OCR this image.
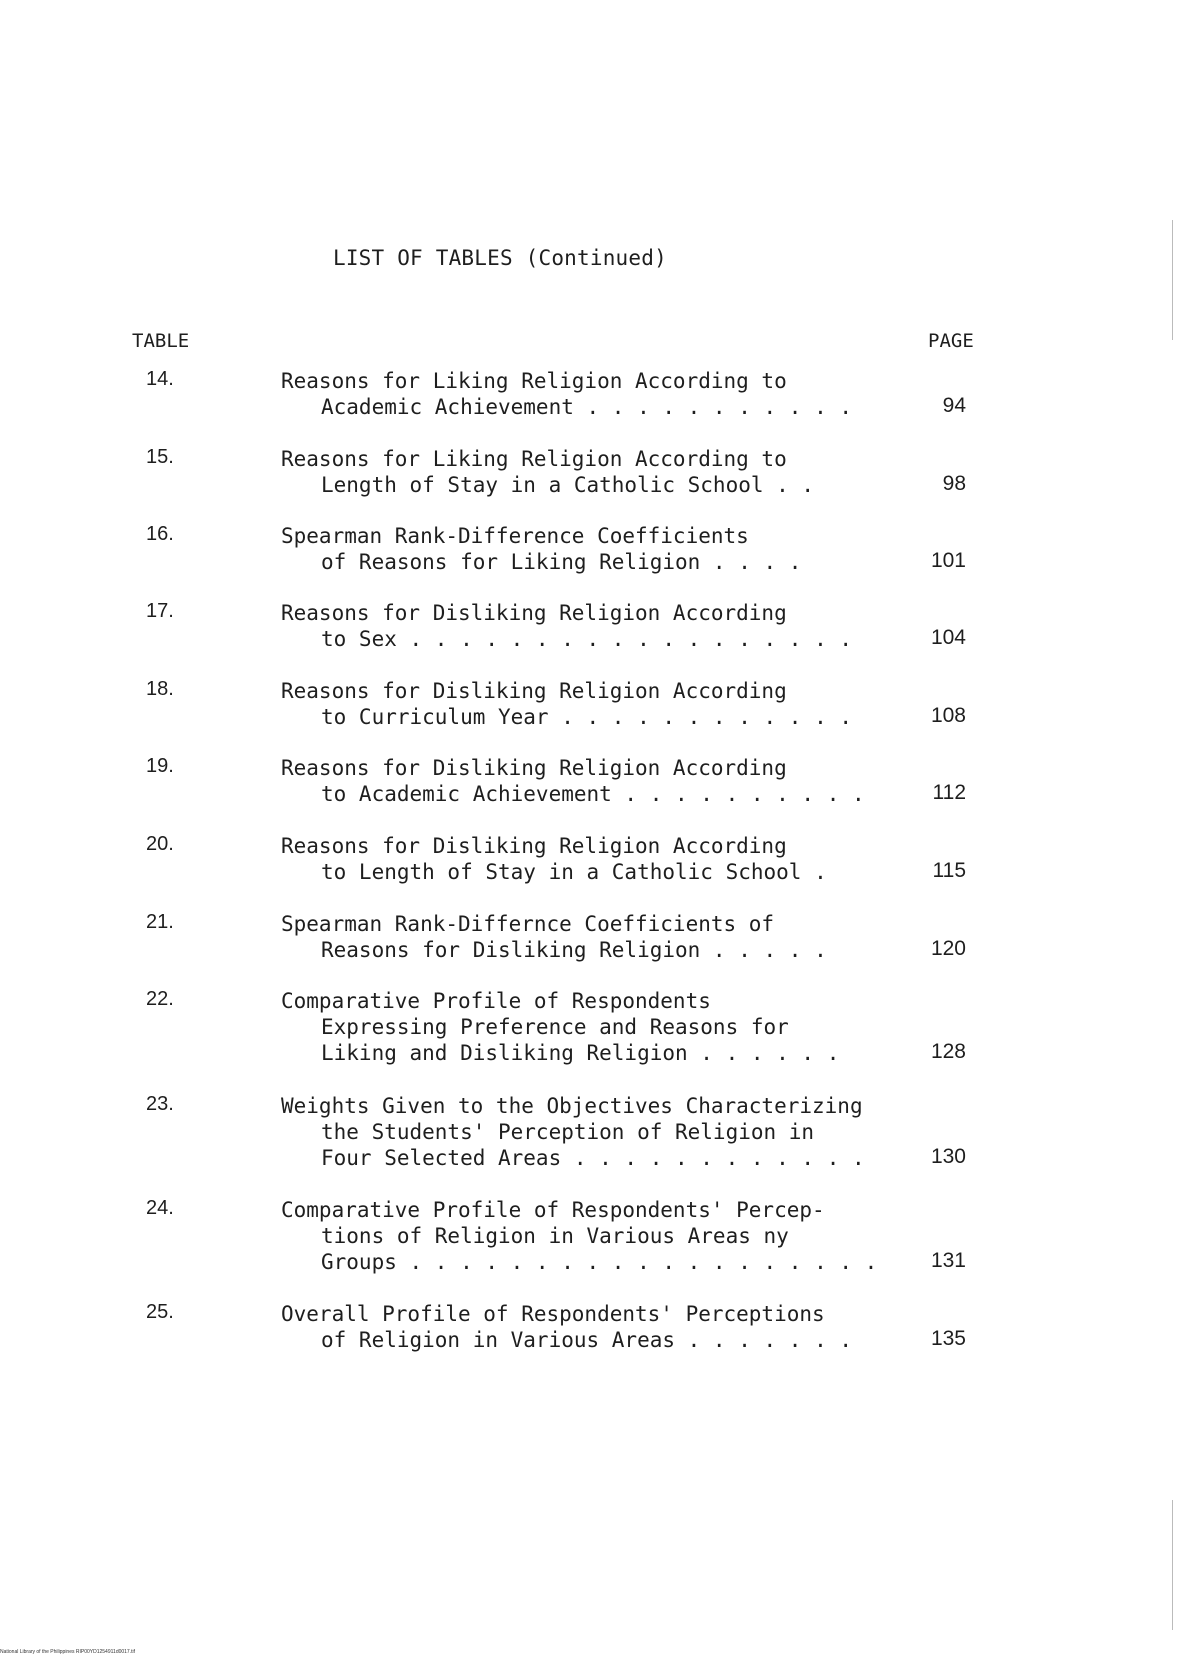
LIST OF TABLES (Continued)
TABLE	PAGE
14.	Reasons for Liking Religion According to
Academic Achievement . . . . . . . . . . .	94
15.	Reasons for Liking Religion According to
Length of Stay in a Catholic School . .	98
16.	Spearman Rank-Difference Coefficients
of Reasons for Liking Religion . . . .	101
17.	Reasons for Disliking Religion According
to Sex . . . . . . . . . . . . . . . . . .	104
18.	Reasons for Disliking Religion According
to Curriculum Year . . . . . . . . . . . .	108
19.	Reasons for Disliking Religion According
to Academic Achievement . . . . . . . . . .	112
20.	Reasons for Disliking Religion According
to Length of Stay in a Catholic School .	115
21.	Spearman Rank-Differnce Coefficients of
Reasons for Disliking Religion . . . . .	120
22.	Comparative Profile of Respondents
Expressing Preference and Reasons for
Liking and Disliking Religion . . . . . .	128
23.	Weights Given to the Objectives Characterizing
the Students' Perception of Religion in
Four Selected Areas . . . . . . . . . . . .	130
24.	Comparative Profile of Respondents' Percep-
tions of Religion in Various Areas ny
Groups . . . . . . . . . . . . . . . . . . .	131
25.	Overall Profile of Respondents' Perceptions
of Religion in Various Areas . . . . . . .	135
National Library of the Philippines RIP00YD1254911d0017.tif
